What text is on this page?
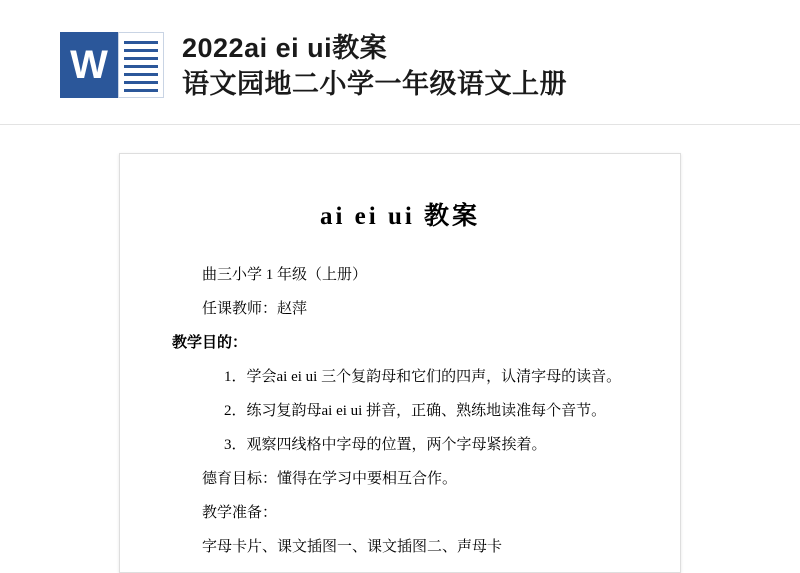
W	2022ai ei ui教案
语文园地二小学一年级语文上册
ai ei ui 教案

曲三小学 1 年级（上册）

任课教师：赵萍

教学目的：

1．学会ai ei ui 三个复韵母和它们的四声，认清字母的读音。

2．练习复韵母ai ei ui 拼音，正确、熟练地读准每个音节。

3．观察四线格中字母的位置，两个字母紧挨着。

德育目标：懂得在学习中要相互合作。

教学准备：

字母卡片、课文插图一、课文插图二、声母卡
